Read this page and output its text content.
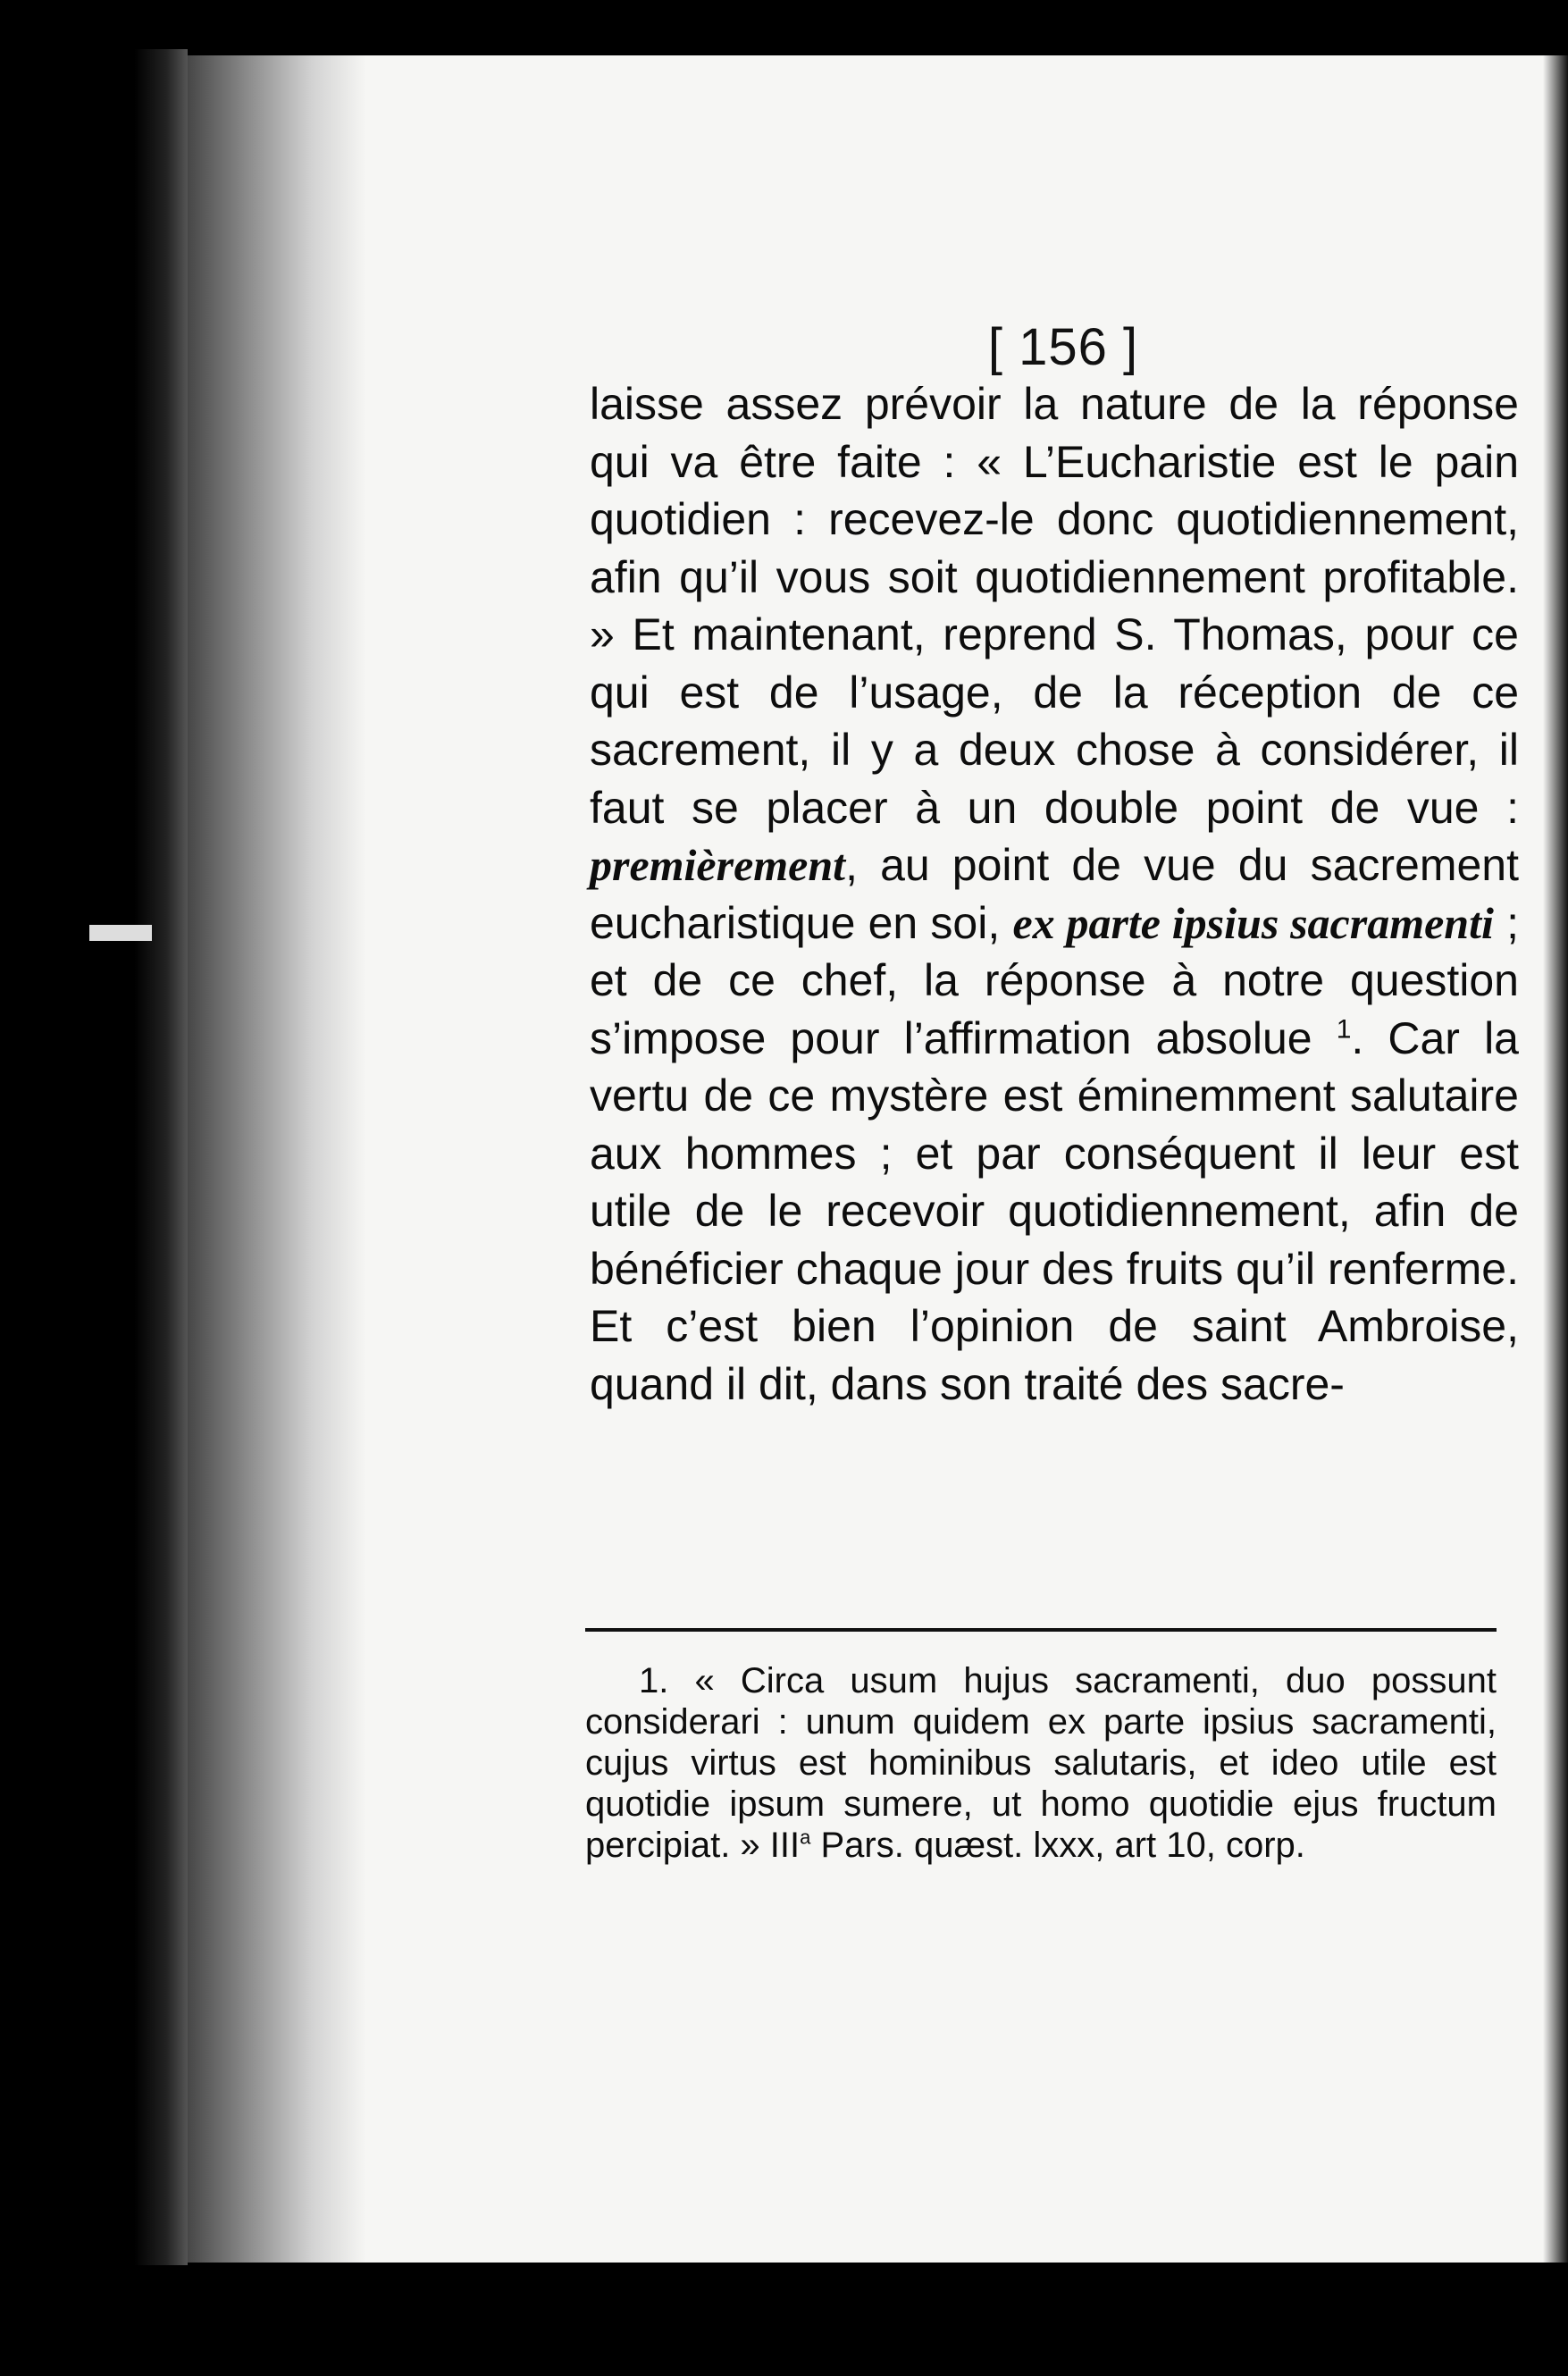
[ 156 ]
laisse assez prévoir la nature de la réponse qui va être faite : « L’Eucharistie est le pain quotidien : recevez-le donc quotidiennement, afin qu’il vous soit quotidiennement profitable. » Et maintenant, reprend S. Thomas, pour ce qui est de l’usage, de la réception de ce sacrement, il y a deux chose à considérer, il faut se placer à un double point de vue : premièrement, au point de vue du sacrement eucharistique en soi, ex parte ipsius sacramenti ; et de ce chef, la réponse à notre question s’impose pour l’affirmation absolue $^1$. Car la vertu de ce mystère est éminemment salutaire aux hommes ; et par conséquent il leur est utile de le recevoir quotidiennement, afin de bénéficier chaque jour des fruits qu’il renferme. Et c’est bien l’opinion de saint Ambroise, quand il dit, dans son traité des sacre-
1. « Circa usum hujus sacramenti, duo possunt considerari : unum quidem ex parte ipsius sacramenti, cujus virtus est hominibus salutaris, et ideo utile est quotidie ipsum sumere, ut homo quotidie ejus fructum percipiat. » III$^a$ Pars. quæst. lxxx, art 10, corp.
